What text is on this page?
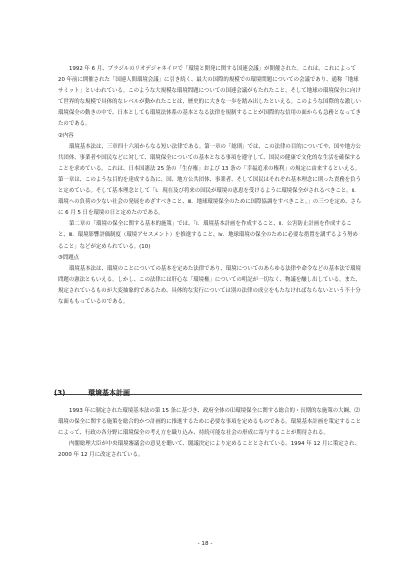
1992 年 6 月、ブラジルのリオデジャネイロで「環境と開発に関する国連会議」が開催された。これは、これによって 20 年前に開催された「国連人間環境会議」に引き続く、最大の国際的規模での環境問題についての会議であり、通称「地球サミット」といわれている。このような大規模な環境問題についての国連会議がもたれたこと、そして地球の環境保全に向けて世界的な規模で具体的なレベルが動かれたことは、歴史的に大きな一歩を踏み出したといえる。このような国際的な激しい環境保全の動きの中で、日本としても環境法体系の基本となる法律を規制することが国際的な信用の面からも急務となってきたのである。

②内容

環境基本法は、三章四十六項からなる短い法律である。第一章の「総則」では、この法律の目的についてや、国や地方公共団体、事業者や国民などに対して、環境保全についての基本となる事項を遵守して、国民の健康で文化的な生活を確保することを求めている。これは、日本国憲法 25 条の「生存権」および 13 条の「幸福追求の権利」の規定に由来するといえる。第一章は、このような目的を達成する為に、国、地方公共団体、事業者、そして国民はそれぞれ基本理念に則った責務を負うと定めている。そして基本理念として「ⅰ．現在及び将来の国民が環境の恵恵を受けるように環境保全がされるべきこと。ⅱ．環境への負荷の少ない社会の発展をめざすべきこと、ⅲ．地球環境保全のために国際協調をすべきこと。」の三つを定め、さらに 6 月 5 日を環境の日と定めたのである。

第二章の「環境の保全に関する基本的施策」では、「ⅰ．環境基本計画を作成すること、ⅱ．公害防止計画を作成すること、ⅲ．環境影響評価制度（環境アセスメント）を推進すること、ⅳ．地球環境の保全のために必要な措置を講ずるよう努めること」などが定められている。(10)

③問題点

環境基本法は、環境のことについての基本を定めた法律であり、環境についてのあらゆる法律や命令などの基本法で環境問題の憲法ともいえる。しかし、この法律には肝心な「環境権」についての明記が一切なく、物議を醸し出している。また、規定されているものが大変抽象的であるため、具体的な実行については別の法律の成立をもたなければならないという不十分な面ももっているのである。

(3)	環境基本計画

1993 年に制定された環境基本法の第 15 条に基づき、政府全体の⑴環境保全に関する総合的・長期的な施策の大綱、⑵環境の保全に関する施策を総合的かつ計画的に推進するために必要な事項を定めるものである。環境基本計画を策定することによって、行政の各分野に環境保全の考え方を織り込み、持続可能な社会の形成に寄与することが期待される。

内閣総理大臣が中央環境審議会の意見を聴いて、閣議決定により定めることとされている。1994 年 12 月に策定され、2000 年 12 月に改定されている。

- 18 -
